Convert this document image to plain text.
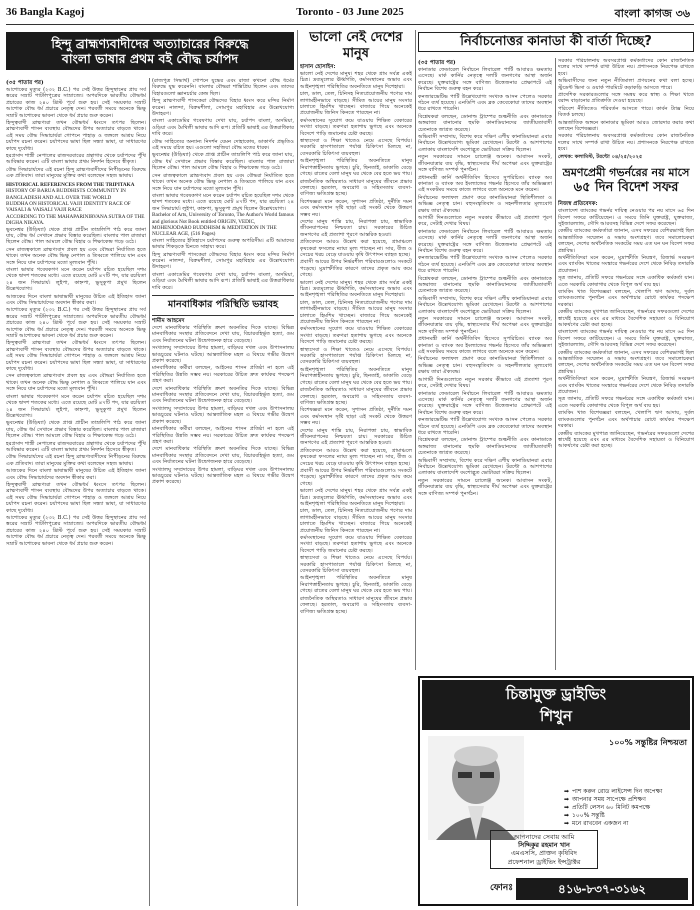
36 Bangla Kagoj	Toronto - 03 June 2025	বাংলা কাগজ ৩৬
হিন্দু ব্রাহ্মণ্যবাদীদের অত্যাচারের বিরুদ্ধে
বাংলা ভাষার প্রথম বই বৌদ্ধ চর্যাপদ
(৩৫ পাতার পর)
আশোকের মৃত্যুর (২৩২ B.C.) পর সেই উত্তর হিন্দুস্থানের প্রায় সর্ব স্তরের সম্রাট পাটলিপুত্রের সাম্রাজ্যে। অপরদিকে ভারতীয় বৌদ্ধধর্ম প্রচারের কাজ ২৪০ খ্রিস্ট পূর্বে শুরু হয়। সেই সময়কার সম্রাট আশোক বৌদ্ধ ধর্ম প্রচারে নেতৃত্ব দেন। পরবর্তী সময়ে অনেকে ভিক্ষু সম্রাট আশোকের ভাবনা থেকে ধর্ম প্রচার শুরু করেন।
হিন্দুত্ববাদী ব্রাহ্মণ্যরা তখন বৌদ্ধধর্ম ধ্বংসে তৎপর ছিলেন। ব্রাহ্মণ্যবাদী শাসন ব্যবস্থায় বৌদ্ধদের উপর অত্যাচার বাড়তে থাকে। এই সময় বৌদ্ধ সিদ্ধাচার্যরা গোপনে পাহাড় ও জঙ্গলে আশ্রয় নিয়ে চর্যাপদ রচনা করেন। চর্যাপদের ভাষা ছিল সন্ধ্যা ভাষা, যা সাধারণের কাছে দুর্বোধ্য।
হরপ্রসাদ শাস্ত্রী নেপালের রাজদরবারের গ্রন্থাগার থেকে চর্যাপদের পুঁথি আবিষ্কার করেন। এটি বাংলা ভাষার প্রথম নিদর্শন হিসেবে স্বীকৃত।
বৌদ্ধ সিদ্ধাচার্যদের এই রচনা হিন্দু ব্রাহ্মণ্যবাদীদের নিপীড়নের বিরুদ্ধে এক প্রতিবাদ। তারা মানুষের মুক্তির কথা বলেছেন সহজ ভাষায়।
HISTORICAL REFERENCES FROM THE TRIPITAKA
HISTORY OF BARUA BUDDHISTS COMMUNITY IN BANGLADESH AND ALL OVER THE WORLD
BUDDHA ON HISTORICAL VAJJI IDENTITY RACE OF VAISALI & VAISALI VAJJI RACE
ACCORDING TO THE MAHAPARINIRVANA SUTRA OF THE DIGHA NIKAYA.
ভুবনেশ্বর (উড়িষ্যা) থেকে প্রাপ্ত প্রাচীন তাম্রলিপি পাঠ করে জানা যায়, বৌদ্ধ ধর্ম সেখানে প্রভাব বিস্তার করেছিল। বাংলার পাল রাজারা ছিলেন বৌদ্ধ। পাল আমলে বৌদ্ধ বিহার ও শিক্ষাকেন্দ্র গড়ে ওঠে।
সেন রাজত্বকালে ব্রাহ্মণ্যবাদ প্রবল হয় এবং বৌদ্ধরা নির্যাতিত হতে থাকে। তখন অনেক বৌদ্ধ ভিক্ষু নেপাল ও তিব্বতে পালিয়ে যান এবং সঙ্গে নিয়ে যান চর্যাপদের মতো মূল্যবান পুঁথি।
বাংলা ভাষার গবেষকগণ মনে করেন চর্যাপদ রচিত হয়েছিল দশম থেকে দ্বাদশ শতকের মধ্যে। এতে রয়েছে মোট ৪৭টি পদ, যার রচয়িতা ২৪ জন সিদ্ধাচার্য। লুইপা, কাহ্নপা, ভুসুকুপা প্রমুখ ছিলেন উল্লেখযোগ্য।
আজকের দিনে বাংলা ভাষাভাষী মানুষের উচিত এই ইতিহাস জানা এবং বৌদ্ধ সিদ্ধাচার্যদের অবদান স্বীকার করা।
আশোকের মৃত্যুর (২৩২ B.C.) পর সেই উত্তর হিন্দুস্থানের প্রায় সর্ব স্তরের সম্রাট পাটলিপুত্রের সাম্রাজ্যে। অপরদিকে ভারতীয় বৌদ্ধধর্ম প্রচারের কাজ ২৪০ খ্রিস্ট পূর্বে শুরু হয়। সেই সময়কার সম্রাট আশোক বৌদ্ধ ধর্ম প্রচারে নেতৃত্ব দেন। পরবর্তী সময়ে অনেকে ভিক্ষু সম্রাট আশোকের ভাবনা থেকে ধর্ম প্রচার শুরু করেন।
হিন্দুত্ববাদী ব্রাহ্মণ্যরা তখন বৌদ্ধধর্ম ধ্বংসে তৎপর ছিলেন। ব্রাহ্মণ্যবাদী শাসন ব্যবস্থায় বৌদ্ধদের উপর অত্যাচার বাড়তে থাকে। এই সময় বৌদ্ধ সিদ্ধাচার্যরা গোপনে পাহাড় ও জঙ্গলে আশ্রয় নিয়ে চর্যাপদ রচনা করেন। চর্যাপদের ভাষা ছিল সন্ধ্যা ভাষা, যা সাধারণের কাছে দুর্বোধ্য।
সেন রাজত্বকালে ব্রাহ্মণ্যবাদ প্রবল হয় এবং বৌদ্ধরা নির্যাতিত হতে থাকে। তখন অনেক বৌদ্ধ ভিক্ষু নেপাল ও তিব্বতে পালিয়ে যান এবং সঙ্গে নিয়ে যান চর্যাপদের মতো মূল্যবান পুঁথি।
বাংলা ভাষার গবেষকগণ মনে করেন চর্যাপদ রচিত হয়েছিল দশম থেকে দ্বাদশ শতকের মধ্যে। এতে রয়েছে মোট ৪৭টি পদ, যার রচয়িতা ২৪ জন সিদ্ধাচার্য। লুইপা, কাহ্নপা, ভুসুকুপা প্রমুখ ছিলেন উল্লেখযোগ্য।
ভুবনেশ্বর (উড়িষ্যা) থেকে প্রাপ্ত প্রাচীন তাম্রলিপি পাঠ করে জানা যায়, বৌদ্ধ ধর্ম সেখানে প্রভাব বিস্তার করেছিল। বাংলার পাল রাজারা ছিলেন বৌদ্ধ। পাল আমলে বৌদ্ধ বিহার ও শিক্ষাকেন্দ্র গড়ে ওঠে।
হরপ্রসাদ শাস্ত্রী নেপালের রাজদরবারের গ্রন্থাগার থেকে চর্যাপদের পুঁথি আবিষ্কার করেন। এটি বাংলা ভাষার প্রথম নিদর্শন হিসেবে স্বীকৃত।
বৌদ্ধ সিদ্ধাচার্যদের এই রচনা হিন্দু ব্রাহ্মণ্যবাদীদের নিপীড়নের বিরুদ্ধে এক প্রতিবাদ। তারা মানুষের মুক্তির কথা বলেছেন সহজ ভাষায়।
আজকের দিনে বাংলা ভাষাভাষী মানুষের উচিত এই ইতিহাস জানা এবং বৌদ্ধ সিদ্ধাচার্যদের অবদান স্বীকার করা।
হিন্দুত্ববাদী ব্রাহ্মণ্যরা তখন বৌদ্ধধর্ম ধ্বংসে তৎপর ছিলেন। ব্রাহ্মণ্যবাদী শাসন ব্যবস্থায় বৌদ্ধদের উপর অত্যাচার বাড়তে থাকে। এই সময় বৌদ্ধ সিদ্ধাচার্যরা গোপনে পাহাড় ও জঙ্গলে আশ্রয় নিয়ে চর্যাপদ রচনা করেন। চর্যাপদের ভাষা ছিল সন্ধ্যা ভাষা, যা সাধারণের কাছে দুর্বোধ্য।
আশোকের মৃত্যুর (২৩২ B.C.) পর সেই উত্তর হিন্দুস্থানের প্রায় সর্ব স্তরের সম্রাট পাটলিপুত্রের সাম্রাজ্যে। অপরদিকে ভারতীয় বৌদ্ধধর্ম প্রচারের কাজ ২৪০ খ্রিস্ট পূর্বে শুরু হয়। সেই সময়কার সম্রাট আশোক বৌদ্ধ ধর্ম প্রচারে নেতৃত্ব দেন। পরবর্তী সময়ে অনেকে ভিক্ষু সম্রাট আশোকের ভাবনা থেকে ধর্ম প্রচার শুরু করেন।
(রাজপুত্র সিদ্ধার্থ) গোপনে যুদ্ধের এবং রাজা কখনো বৌদ্ধ ধর্মের বিরুদ্ধে যুদ্ধ করেননি। বাংলার বৌদ্ধরা শান্তিপ্রিয় ছিলেন এবং তাদের বিহারগুলো জ্ঞানচর্চার কেন্দ্র ছিল।
হিন্দু ব্রাহ্মণ্যবাদী শাসকেরা বৌদ্ধদের বিহার ধ্বংস করে মন্দির নির্মাণ করেন। নালন্দা, বিক্রমশীলা, সোমপুর মহাবিহার এর উল্লেখযোগ্য উদাহরণ।
বাংলা একাডেমির গবেষণায় দেখা যায়, চর্যাপদ বাংলা, অসমিয়া, ওড়িয়া এবং মৈথিলী ভাষার আদি রূপ। প্রতিটি ভাষাই এর উত্তরাধিকার দাবি করে।
বৌদ্ধ সাহিত্যের অন্যান্য নিদর্শন যেমন দোহাকোষ, ডাকার্ণব প্রভৃতিও এই সময়ে রচিত হয়। এগুলো সহজিয়া বৌদ্ধ মতের ধারক।
ভুবনেশ্বর (উড়িষ্যা) থেকে প্রাপ্ত প্রাচীন তাম্রলিপি পাঠ করে জানা যায়, বৌদ্ধ ধর্ম সেখানে প্রভাব বিস্তার করেছিল। বাংলার পাল রাজারা ছিলেন বৌদ্ধ। পাল আমলে বৌদ্ধ বিহার ও শিক্ষাকেন্দ্র গড়ে ওঠে।
সেন রাজত্বকালে ব্রাহ্মণ্যবাদ প্রবল হয় এবং বৌদ্ধরা নির্যাতিত হতে থাকে। তখন অনেক বৌদ্ধ ভিক্ষু নেপাল ও তিব্বতে পালিয়ে যান এবং সঙ্গে নিয়ে যান চর্যাপদের মতো মূল্যবান পুঁথি।
বাংলা ভাষার গবেষকগণ মনে করেন চর্যাপদ রচিত হয়েছিল দশম থেকে দ্বাদশ শতকের মধ্যে। এতে রয়েছে মোট ৪৭টি পদ, যার রচয়িতা ২৪ জন সিদ্ধাচার্য। লুইপা, কাহ্নপা, ভুসুকুপা প্রমুখ ছিলেন উল্লেখযোগ্য।
Bachelor of Arts, University of Toronto, The Author's World famous and glorious Not Book entitled ORIGIN, VEDIC, MOHENJODARO BUDDHISM & MEDITATION IN THE NUCLEAR AGE, (516 Pages)
বাংলা সাহিত্যের ইতিহাসে চর্যাপদের গুরুত্ব অপরিসীম। এটি আমাদের ভাষার শিকড়কে চিনতে সাহায্য করে।
হিন্দু ব্রাহ্মণ্যবাদী শাসকেরা বৌদ্ধদের বিহার ধ্বংস করে মন্দির নির্মাণ করেন। নালন্দা, বিক্রমশীলা, সোমপুর মহাবিহার এর উল্লেখযোগ্য উদাহরণ।
বাংলা একাডেমির গবেষণায় দেখা যায়, চর্যাপদ বাংলা, অসমিয়া, ওড়িয়া এবং মৈথিলী ভাষার আদি রূপ। প্রতিটি ভাষাই এর উত্তরাধিকার দাবি করে।
মানবাধিকার পরিস্থিতি ভয়াবহ
শামীম আহমেদ
দেশে মানবাধিকার পরিস্থিতি ক্রমশ অবনতির দিকে যাচ্ছে। বিভিন্ন মানবাধিকার সংস্থার প্রতিবেদনে দেখা যায়, বিচারবহির্ভূত হত্যা, গুম এবং নির্যাতনের ঘটনা উদ্বেগজনক হারে বেড়েছে।
সংখ্যালঘু সম্প্রদায়ের উপর হামলা, বাড়িঘর দখল এবং উপাসনালয় ভাঙচুরের ঘটনাও ঘটছে। আন্তর্জাতিক মহল এ বিষয়ে গভীর উদ্বেগ প্রকাশ করেছে।
মানবাধিকার কর্মীরা বলছেন, আইনের শাসন প্রতিষ্ঠা না হলে এই পরিস্থিতির উন্নতি সম্ভব নয়। সরকারের উচিত দ্রুত কার্যকর পদক্ষেপ গ্রহণ করা।
দেশে মানবাধিকার পরিস্থিতি ক্রমশ অবনতির দিকে যাচ্ছে। বিভিন্ন মানবাধিকার সংস্থার প্রতিবেদনে দেখা যায়, বিচারবহির্ভূত হত্যা, গুম এবং নির্যাতনের ঘটনা উদ্বেগজনক হারে বেড়েছে।
সংখ্যালঘু সম্প্রদায়ের উপর হামলা, বাড়িঘর দখল এবং উপাসনালয় ভাঙচুরের ঘটনাও ঘটছে। আন্তর্জাতিক মহল এ বিষয়ে গভীর উদ্বেগ প্রকাশ করেছে।
মানবাধিকার কর্মীরা বলছেন, আইনের শাসন প্রতিষ্ঠা না হলে এই পরিস্থিতির উন্নতি সম্ভব নয়। সরকারের উচিত দ্রুত কার্যকর পদক্ষেপ গ্রহণ করা।
দেশে মানবাধিকার পরিস্থিতি ক্রমশ অবনতির দিকে যাচ্ছে। বিভিন্ন মানবাধিকার সংস্থার প্রতিবেদনে দেখা যায়, বিচারবহির্ভূত হত্যা, গুম এবং নির্যাতনের ঘটনা উদ্বেগজনক হারে বেড়েছে।
সংখ্যালঘু সম্প্রদায়ের উপর হামলা, বাড়িঘর দখল এবং উপাসনালয় ভাঙচুরের ঘটনাও ঘটছে। আন্তর্জাতিক মহল এ বিষয়ে গভীর উদ্বেগ প্রকাশ করেছে।
ভালো নেই দেশের মানুষ
হাসান হোসাইন:
ভালো নেই দেশের মানুষ। শহর থেকে গ্রাম সর্বত্র একই চিত্র। দ্রব্যমূল্যের ঊর্ধ্বগতি, কর্মসংস্থানের অভাব এবং আইনশৃঙ্খলা পরিস্থিতির অবনতিতে মানুষ দিশেহারা।
চাল, ডাল, তেল, চিনিসহ নিত্যপ্রয়োজনীয় পণ্যের দাম লাগামহীনভাবে বাড়ছে। সীমিত আয়ের মানুষ সংসার চালাতে হিমশিম খাচ্ছেন। বাজারে গিয়ে অনেকেই প্রয়োজনীয় জিনিস কিনতে পারছেন না।
কর্মসংস্থানের সুযোগ কমে যাওয়ায় শিক্ষিত বেকারের সংখ্যা বাড়ছে। তরুণরা হতাশায় ভুগছে এবং অনেকে বিদেশে পাড়ি জমানোর চেষ্টা করছে।
স্বাস্থ্যসেবা ও শিক্ষা খাতেও নেমে এসেছে বিপর্যয়। সরকারি হাসপাতালে পর্যাপ্ত চিকিৎসা মিলছে না, বেসরকারি চিকিৎসা ব্যয়বহুল।
আইনশৃঙ্খলা পরিস্থিতির অবনতিতে মানুষ নিরাপত্তাহীনতায় ভুগছে। চুরি, ছিনতাই, ডাকাতি বেড়ে গেছে। রাতের বেলা মানুষ ঘর থেকে বের হতে ভয় পায়।
রাজনৈতিক অস্থিরতাও সাধারণ মানুষের জীবনে প্রভাব ফেলছে। হরতাল, অবরোধ ও সহিংসতায় ব্যবসা-বাণিজ্য ক্ষতিগ্রস্ত হচ্ছে।
বিশেষজ্ঞরা মনে করেন, সুশাসন প্রতিষ্ঠা, দুর্নীতি দমন এবং কর্মসংস্থান সৃষ্টি ছাড়া এই সংকট থেকে উত্তরণ সম্ভব নয়।
দেশের মানুষ শান্তি চায়, নিরাপত্তা চায়, স্বাভাবিক জীবনযাপনের নিশ্চয়তা চায়। সরকারের উচিত জনগণের এই প্রত্যাশা পূরণে আন্তরিক হওয়া।
প্রতিবেদনে আরও উল্লেখ করা হয়েছে, গ্রামাঞ্চলে কৃষকেরা ফসলের ন্যায্য মূল্য পাচ্ছেন না। সার, বীজ ও সেচের খরচ বেড়ে যাওয়ায় কৃষি উৎপাদন ব্যাহত হচ্ছে।
প্রবাসী আয়ের উপর নির্ভরশীল পরিবারগুলোও সংকটে পড়েছে। মুদ্রাস্ফীতির কারণে তাদের প্রকৃত আয় কমে গেছে।
ভালো নেই দেশের মানুষ। শহর থেকে গ্রাম সর্বত্র একই চিত্র। দ্রব্যমূল্যের ঊর্ধ্বগতি, কর্মসংস্থানের অভাব এবং আইনশৃঙ্খলা পরিস্থিতির অবনতিতে মানুষ দিশেহারা।
চাল, ডাল, তেল, চিনিসহ নিত্যপ্রয়োজনীয় পণ্যের দাম লাগামহীনভাবে বাড়ছে। সীমিত আয়ের মানুষ সংসার চালাতে হিমশিম খাচ্ছেন। বাজারে গিয়ে অনেকেই প্রয়োজনীয় জিনিস কিনতে পারছেন না।
কর্মসংস্থানের সুযোগ কমে যাওয়ায় শিক্ষিত বেকারের সংখ্যা বাড়ছে। তরুণরা হতাশায় ভুগছে এবং অনেকে বিদেশে পাড়ি জমানোর চেষ্টা করছে।
স্বাস্থ্যসেবা ও শিক্ষা খাতেও নেমে এসেছে বিপর্যয়। সরকারি হাসপাতালে পর্যাপ্ত চিকিৎসা মিলছে না, বেসরকারি চিকিৎসা ব্যয়বহুল।
আইনশৃঙ্খলা পরিস্থিতির অবনতিতে মানুষ নিরাপত্তাহীনতায় ভুগছে। চুরি, ছিনতাই, ডাকাতি বেড়ে গেছে। রাতের বেলা মানুষ ঘর থেকে বের হতে ভয় পায়।
রাজনৈতিক অস্থিরতাও সাধারণ মানুষের জীবনে প্রভাব ফেলছে। হরতাল, অবরোধ ও সহিংসতায় ব্যবসা-বাণিজ্য ক্ষতিগ্রস্ত হচ্ছে।
বিশেষজ্ঞরা মনে করেন, সুশাসন প্রতিষ্ঠা, দুর্নীতি দমন এবং কর্মসংস্থান সৃষ্টি ছাড়া এই সংকট থেকে উত্তরণ সম্ভব নয়।
দেশের মানুষ শান্তি চায়, নিরাপত্তা চায়, স্বাভাবিক জীবনযাপনের নিশ্চয়তা চায়। সরকারের উচিত জনগণের এই প্রত্যাশা পূরণে আন্তরিক হওয়া।
প্রতিবেদনে আরও উল্লেখ করা হয়েছে, গ্রামাঞ্চলে কৃষকেরা ফসলের ন্যায্য মূল্য পাচ্ছেন না। সার, বীজ ও সেচের খরচ বেড়ে যাওয়ায় কৃষি উৎপাদন ব্যাহত হচ্ছে।
প্রবাসী আয়ের উপর নির্ভরশীল পরিবারগুলোও সংকটে পড়েছে। মুদ্রাস্ফীতির কারণে তাদের প্রকৃত আয় কমে গেছে।
ভালো নেই দেশের মানুষ। শহর থেকে গ্রাম সর্বত্র একই চিত্র। দ্রব্যমূল্যের ঊর্ধ্বগতি, কর্মসংস্থানের অভাব এবং আইনশৃঙ্খলা পরিস্থিতির অবনতিতে মানুষ দিশেহারা।
চাল, ডাল, তেল, চিনিসহ নিত্যপ্রয়োজনীয় পণ্যের দাম লাগামহীনভাবে বাড়ছে। সীমিত আয়ের মানুষ সংসার চালাতে হিমশিম খাচ্ছেন। বাজারে গিয়ে অনেকেই প্রয়োজনীয় জিনিস কিনতে পারছেন না।
কর্মসংস্থানের সুযোগ কমে যাওয়ায় শিক্ষিত বেকারের সংখ্যা বাড়ছে। তরুণরা হতাশায় ভুগছে এবং অনেকে বিদেশে পাড়ি জমানোর চেষ্টা করছে।
স্বাস্থ্যসেবা ও শিক্ষা খাতেও নেমে এসেছে বিপর্যয়। সরকারি হাসপাতালে পর্যাপ্ত চিকিৎসা মিলছে না, বেসরকারি চিকিৎসা ব্যয়বহুল।
আইনশৃঙ্খলা পরিস্থিতির অবনতিতে মানুষ নিরাপত্তাহীনতায় ভুগছে। চুরি, ছিনতাই, ডাকাতি বেড়ে গেছে। রাতের বেলা মানুষ ঘর থেকে বের হতে ভয় পায়।
রাজনৈতিক অস্থিরতাও সাধারণ মানুষের জীবনে প্রভাব ফেলছে। হরতাল, অবরোধ ও সহিংসতায় ব্যবসা-বাণিজ্য ক্ষতিগ্রস্ত হচ্ছে।
নির্বাচনোত্তর কানাডা কী বার্তা দিচ্ছে?
(৩৫ পাতার পর)
কানাডার ফেডারেল নির্বাচনে লিবারেল পার্টি আবারও ক্ষমতায় এসেছে। মার্ক কার্নির নেতৃত্বে দলটি জনগণের আস্থা অর্জন করেছে। যুক্তরাষ্ট্রের সঙ্গে বাণিজ্য উত্তেজনার প্রেক্ষাপটে এই নির্বাচন বিশেষ গুরুত্ব বহন করে।
কনজারভেটিভ পার্টি উল্লেখযোগ্য সংখ্যক আসন পেলেও সরকার গঠনে ব্যর্থ হয়েছে। এনডিপি এবং ব্লক কেবেকোয়া তাদের অবস্থান ধরে রাখতে পারেনি।
বিশ্লেষকরা বলছেন, ডোনাল্ড ট্রাম্পের শুল্কনীতি এবং কানাডাকে অঙ্গরাজ্য বানানোর হুমকি কানাডিয়ানদের জাতীয়তাবাদী চেতনাকে জাগ্রত করেছে।
অভিবাসী সম্প্রদায়, বিশেষ করে দক্ষিণ এশীয় কানাডিয়ানরা এবার নির্বাচনে উল্লেখযোগ্য ভূমিকা রেখেছেন। টরন্টো ও আশপাশের এলাকায় বাংলাদেশি বংশোদ্ভূত ভোটাররা সক্রিয় ছিলেন।
নতুন সরকারের সামনে চ্যালেঞ্জ অনেক। আবাসন সংকট, জীবনযাত্রার ব্যয় বৃদ্ধি, স্বাস্থ্যসেবার দীর্ঘ অপেক্ষা এবং যুক্তরাষ্ট্রের সঙ্গে বাণিজ্য সম্পর্ক পুনর্গঠন।
প্রধানমন্ত্রী কার্নি অর্থনীতিবিদ হিসেবে সুপরিচিত। ব্যাংক অব কানাডা ও ব্যাংক অব ইংল্যান্ডের গভর্নর হিসেবে তাঁর অভিজ্ঞতা এই সংকটময় সময়ে কাজে লাগবে বলে অনেকে মনে করেন।
নির্বাচনের ফলাফল প্রমাণ করে কানাডিয়ানরা স্থিতিশীলতা ও অভিজ্ঞ নেতৃত্ব চান। বহুসংস্কৃতিবাদ ও সহনশীলতার মূল্যবোধ রক্ষায় তারা ঐক্যবদ্ধ।
আগামী দিনগুলোতে নতুন সরকার কীভাবে এই প্রত্যাশা পূরণ করে, সেটাই দেখার বিষয়।
কানাডার ফেডারেল নির্বাচনে লিবারেল পার্টি আবারও ক্ষমতায় এসেছে। মার্ক কার্নির নেতৃত্বে দলটি জনগণের আস্থা অর্জন করেছে। যুক্তরাষ্ট্রের সঙ্গে বাণিজ্য উত্তেজনার প্রেক্ষাপটে এই নির্বাচন বিশেষ গুরুত্ব বহন করে।
কনজারভেটিভ পার্টি উল্লেখযোগ্য সংখ্যক আসন পেলেও সরকার গঠনে ব্যর্থ হয়েছে। এনডিপি এবং ব্লক কেবেকোয়া তাদের অবস্থান ধরে রাখতে পারেনি।
বিশ্লেষকরা বলছেন, ডোনাল্ড ট্রাম্পের শুল্কনীতি এবং কানাডাকে অঙ্গরাজ্য বানানোর হুমকি কানাডিয়ানদের জাতীয়তাবাদী চেতনাকে জাগ্রত করেছে।
অভিবাসী সম্প্রদায়, বিশেষ করে দক্ষিণ এশীয় কানাডিয়ানরা এবার নির্বাচনে উল্লেখযোগ্য ভূমিকা রেখেছেন। টরন্টো ও আশপাশের এলাকায় বাংলাদেশি বংশোদ্ভূত ভোটাররা সক্রিয় ছিলেন।
নতুন সরকারের সামনে চ্যালেঞ্জ অনেক। আবাসন সংকট, জীবনযাত্রার ব্যয় বৃদ্ধি, স্বাস্থ্যসেবার দীর্ঘ অপেক্ষা এবং যুক্তরাষ্ট্রের সঙ্গে বাণিজ্য সম্পর্ক পুনর্গঠন।
প্রধানমন্ত্রী কার্নি অর্থনীতিবিদ হিসেবে সুপরিচিত। ব্যাংক অব কানাডা ও ব্যাংক অব ইংল্যান্ডের গভর্নর হিসেবে তাঁর অভিজ্ঞতা এই সংকটময় সময়ে কাজে লাগবে বলে অনেকে মনে করেন।
নির্বাচনের ফলাফল প্রমাণ করে কানাডিয়ানরা স্থিতিশীলতা ও অভিজ্ঞ নেতৃত্ব চান। বহুসংস্কৃতিবাদ ও সহনশীলতার মূল্যবোধ রক্ষায় তারা ঐক্যবদ্ধ।
আগামী দিনগুলোতে নতুন সরকার কীভাবে এই প্রত্যাশা পূরণ করে, সেটাই দেখার বিষয়।
কানাডার ফেডারেল নির্বাচনে লিবারেল পার্টি আবারও ক্ষমতায় এসেছে। মার্ক কার্নির নেতৃত্বে দলটি জনগণের আস্থা অর্জন করেছে। যুক্তরাষ্ট্রের সঙ্গে বাণিজ্য উত্তেজনার প্রেক্ষাপটে এই নির্বাচন বিশেষ গুরুত্ব বহন করে।
কনজারভেটিভ পার্টি উল্লেখযোগ্য সংখ্যক আসন পেলেও সরকার গঠনে ব্যর্থ হয়েছে। এনডিপি এবং ব্লক কেবেকোয়া তাদের অবস্থান ধরে রাখতে পারেনি।
বিশ্লেষকরা বলছেন, ডোনাল্ড ট্রাম্পের শুল্কনীতি এবং কানাডাকে অঙ্গরাজ্য বানানোর হুমকি কানাডিয়ানদের জাতীয়তাবাদী চেতনাকে জাগ্রত করেছে।
অভিবাসী সম্প্রদায়, বিশেষ করে দক্ষিণ এশীয় কানাডিয়ানরা এবার নির্বাচনে উল্লেখযোগ্য ভূমিকা রেখেছেন। টরন্টো ও আশপাশের এলাকায় বাংলাদেশি বংশোদ্ভূত ভোটাররা সক্রিয় ছিলেন।
নতুন সরকারের সামনে চ্যালেঞ্জ অনেক। আবাসন সংকট, জীবনযাত্রার ব্যয় বৃদ্ধি, স্বাস্থ্যসেবার দীর্ঘ অপেক্ষা এবং যুক্তরাষ্ট্রের সঙ্গে বাণিজ্য সম্পর্ক পুনর্গঠন।
সরকার পরিচালনায় অবসরপ্রাপ্ত কর্মকর্তাদের কোন রাজনৈতিক দলের সাথে সম্পর্ক রাখা উচিত নয়। প্রশাসনকে নিরপেক্ষ রাখতে হবে।
অভিবাসীদের জন্য নতুন নীতিমালা প্রণয়নের কথা বলা হচ্ছে। স্টুডেন্ট ভিসা ও ওয়ার্ক পারমিটে কড়াকড়ি আসতে পারে।
প্রাদেশিক সরকারগুলোর সঙ্গে সমন্বয় করে স্বাস্থ্য ও শিক্ষা খাতে বরাদ্দ বাড়ানোর প্রতিশ্রুতি দেওয়া হয়েছে।
পরিবেশ নীতিতেও পরিবর্তন আসতে পারে। কার্বন ট্যাক্স নিয়ে বিতর্ক চলছে।
আন্তর্জাতিক অঙ্গনে কানাডার ভূমিকা আরও জোরদার করার কথা বলছেন বিশেষজ্ঞরা।
সরকার পরিচালনায় অবসরপ্রাপ্ত কর্মকর্তাদের কোন রাজনৈতিক দলের সাথে সম্পর্ক রাখা উচিত নয়। প্রশাসনকে নিরপেক্ষ রাখতে হবে।
লেখক: কলামিস্ট, টরন্টো ০৪/২৫/২০২৫
ভ্রমণপ্রেমী গভর্নরের নয় মাসে
৬৫ দিন বিদেশ সফর
নিজস্ব প্রতিবেদক:
বাংলাদেশ ব্যাংকের গভর্নর দায়িত্ব নেওয়ার পর নয় মাসে ৬৫ দিন বিদেশ সফরে কাটিয়েছেন। এ সময়ে তিনি যুক্তরাষ্ট্র, যুক্তরাজ্য, সুইজারল্যান্ড, সৌদি আরবসহ বিভিন্ন দেশে সফর করেছেন।
কেন্দ্রীয় ব্যাংকের কর্মকর্তারা জানান, এসব সফরের বেশিরভাগই ছিল আন্তর্জাতিক সম্মেলন ও সভায় অংশগ্রহণ। তবে সমালোচকরা বলছেন, দেশের অর্থনৈতিক সংকটের সময় এত ঘন ঘন বিদেশ সফর প্রশ্নবিদ্ধ।
অর্থনীতিবিদরা মনে করেন, মুদ্রাস্ফীতি নিয়ন্ত্রণ, রিজার্ভ সংরক্ষণ এবং ব্যাংকিং খাতের সংস্কারে গভর্নরের দেশে থেকে নিবিড় তদারকি প্রয়োজন।
সূত্র জানায়, প্রতিটি সফরে গভর্নরের সঙ্গে একাধিক কর্মকর্তা যান। এতে সরকারি কোষাগার থেকে বিপুল অর্থ ব্যয় হয়।
ব্যাংকিং খাত বিশেষজ্ঞরা বলছেন, খেলাপি ঋণ আদায়, দুর্বল ব্যাংকগুলোর পুনর্গঠন এবং অর্থপাচার রোধে কার্যকর পদক্ষেপ দরকার।
কেন্দ্রীয় ব্যাংকের মুখপাত্র জানিয়েছেন, গভর্নরের সফরগুলো দেশের স্বার্থেই হয়েছে এবং এর মাধ্যমে বৈদেশিক সহায়তা ও বিনিয়োগ আকর্ষণের চেষ্টা করা হচ্ছে।
বাংলাদেশ ব্যাংকের গভর্নর দায়িত্ব নেওয়ার পর নয় মাসে ৬৫ দিন বিদেশ সফরে কাটিয়েছেন। এ সময়ে তিনি যুক্তরাষ্ট্র, যুক্তরাজ্য, সুইজারল্যান্ড, সৌদি আরবসহ বিভিন্ন দেশে সফর করেছেন।
কেন্দ্রীয় ব্যাংকের কর্মকর্তারা জানান, এসব সফরের বেশিরভাগই ছিল আন্তর্জাতিক সম্মেলন ও সভায় অংশগ্রহণ। তবে সমালোচকরা বলছেন, দেশের অর্থনৈতিক সংকটের সময় এত ঘন ঘন বিদেশ সফর প্রশ্নবিদ্ধ।
অর্থনীতিবিদরা মনে করেন, মুদ্রাস্ফীতি নিয়ন্ত্রণ, রিজার্ভ সংরক্ষণ এবং ব্যাংকিং খাতের সংস্কারে গভর্নরের দেশে থেকে নিবিড় তদারকি প্রয়োজন।
সূত্র জানায়, প্রতিটি সফরে গভর্নরের সঙ্গে একাধিক কর্মকর্তা যান। এতে সরকারি কোষাগার থেকে বিপুল অর্থ ব্যয় হয়।
ব্যাংকিং খাত বিশেষজ্ঞরা বলছেন, খেলাপি ঋণ আদায়, দুর্বল ব্যাংকগুলোর পুনর্গঠন এবং অর্থপাচার রোধে কার্যকর পদক্ষেপ দরকার।
কেন্দ্রীয় ব্যাংকের মুখপাত্র জানিয়েছেন, গভর্নরের সফরগুলো দেশের স্বার্থেই হয়েছে এবং এর মাধ্যমে বৈদেশিক সহায়তা ও বিনিয়োগ আকর্ষণের চেষ্টা করা হচ্ছে।
চিন্তামুক্ত ড্রাইভিং
শিখুন
১০০% সন্তুষ্টির নিশ্চয়তা
➡ পাশ করুন রোড লাইসেন্স দিন অপেক্ষা
➡ আপনার সময় সাপেক্ষে প্রশিক্ষণ
➡ প্রতিটি লেসন ৬০ মিনিট কমপক্ষে
➡ ১০০% সন্তুষ্টি
➡ মনে রাখবেন একজন না
আপনাদের সেবায় আমি
সিদ্দিকুর রহমান খান
এমএসসি, প্রাক্তন কৃষিবিদ
প্রফেশনাল ড্রাইভিং ইন্সট্রাক্টর
ফোনঃ	৪১৬-৮৩৭-৩১৬২
